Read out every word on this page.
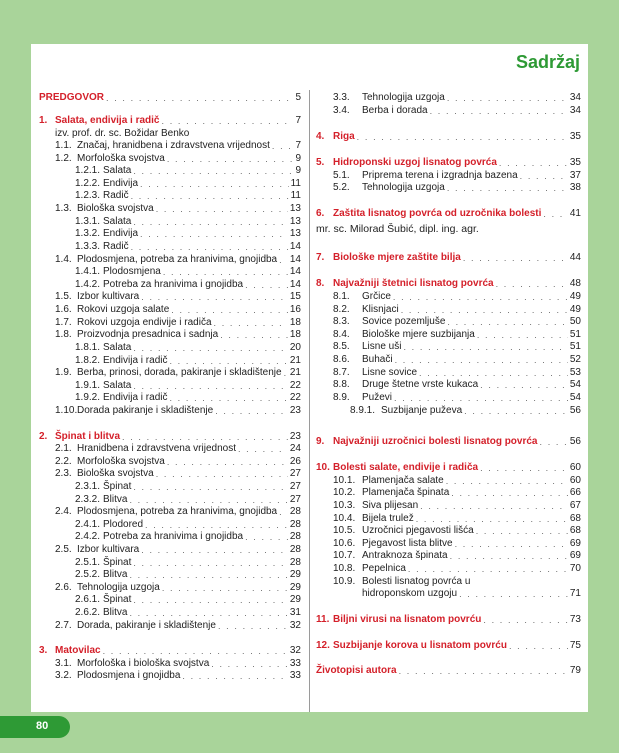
Sadržaj
PREDGOVOR . . .	5
1. Salata, endivija i radič . . .	7
izv. prof. dr. sc. Božidar Benko
1.1. Značaj, hranidbena i zdravstvena vrijednost . . .	7
1.2. Morfološka svojstva . . .	9
1.2.1. Salata . . .	9
1.2.2. Endivija . . .	11
1.2.3. Radič . . .	11
1.3. Biološka svojstva . . .	13
1.3.1. Salata . . .	13
1.3.2. Endivija . . .	13
1.3.3. Radič . . .	14
1.4. Plodosmjena, potreba za hranivima, gnojidba . . . 14
1.4.1. Plodosmjena . . .	14
1.4.2. Potreba za hranivima i gnojidba . . .	14
1.5. Izbor kultivara . . .	15
1.6. Rokovi uzgoja salate . . .	16
1.7. Rokovi uzgoja endivije i radiča . . .	18
1.8. Proizvodnja presadnica i sadnja . . .	18
1.8.1. Salata . . .	20
1.8.2. Endivija i radič . . .	21
1.9. Berba, prinosi, dorada, pakiranje i skladištenje . . . 21
1.9.1. Salata . . .	22
1.9.2. Endivija i radič . . .	22
1.10. Dorada pakiranje i skladištenje . . .	23
2. Špinat i blitva . . .	23
2.1. Hranidbena i zdravstvena vrijednost . . .	24
2.2. Morfološka svojstva . . .	26
2.3. Biološka svojstva . . .	27
2.3.1. Špinat . . .	27
2.3.2. Blitva . . .	27
2.4. Plodosmjena, potreba za hranivima, gnojidba . . . 28
2.4.1. Plodored . . .	28
2.4.2. Potreba za hranivima i gnojidba . . .	28
2.5. Izbor kultivara . . .	28
2.5.1. Špinat . . .	28
2.5.2. Blitva . . .	29
2.6. Tehnologija uzgoja . . .	29
2.6.1. Špinat . . .	29
2.6.2. Blitva . . .	31
2.7. Dorada, pakiranje i skladištenje . . .	32
3. Matovilac . . .	32
3.1. Morfološka i biološka svojstva . . .	33
3.2. Plodosmjena i gnojidba . . .	33
3.3.	Tehnologija uzgoja . . .	34
3.4.	Berba i dorada . . .	34
4. Riga . . .	35
5. Hidroponski uzgoj lisnatog povrća . . .	35
5.1.	Priprema terena i izgradnja bazena . . .	37
5.2.	Tehnologija uzgoja . . .	38
6. Zaštita lisnatog povrća od uzročnika bolesti . . .	41
mr. sc. Milorad Šubić, dipl. ing. agr.
7. Biološke mjere zaštite bilja . . .	44
8. Najvažniji štetnici lisnatog povrća . . .	48
8.1.	Grčice . . .	49
8.2.	Klisnjaci . . .	49
8.3.	Sovice pozemljuše . . .	50
8.4.	Biološke mjere suzbijanja . . .	51
8.5.	Lisne uši . . .	51
8.6.	Buhači . . .	52
8.7.	Lisne sovice . . .	53
8.8.	Druge štetne vrste kukaca . . .	54
8.9.	Puževi . . .	54
8.9.1. Suzbijanje puževa . . .	56
9. Najvažniji uzročnici bolesti lisnatog povrća . . .	56
10. Bolesti salate, endivije i radiča . . .	60
10.1. Plamenjača salate . . .	60
10.2. Plamenjača špinata . . .	66
10.3. Siva plijesan . . .	67
10.4. Bijela trulež . . .	68
10.5. Uzročnici pjegavosti lišća . . .	68
10.6. Pjegavost lista blitve . . .	69
10.7. Antraknoza špinata . . .	69
10.8. Pepelnica . . .	70
10.9. Bolesti lisnatog povrća u
hidroponskom uzgoju . . .	71
11. Biljni virusi na lisnatom povrću . . .	73
12. Suzbijanje korova u lisnatom povrću . . .	75
Životopisi autora . . .	79
80
